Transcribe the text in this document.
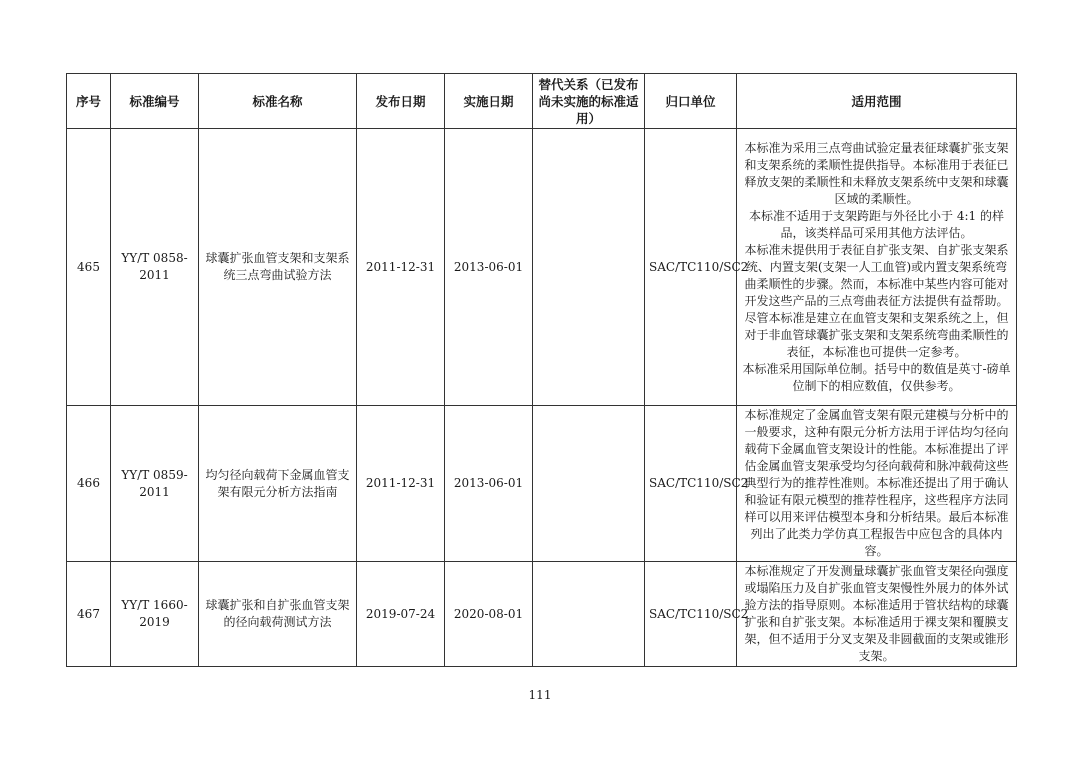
序号	标准编号	标准名称	发布日期	实施日期	替代关系（已发布尚未实施的标准适用）	归口单位	适用范围
465	YY/T 0858-2011	球囊扩张血管支架和支架系统三点弯曲试验方法	2011-12-31	2013-06-01		SAC/TC110/SC2	本标准为采用三点弯曲试验定量表征球囊扩张支架和支架系统的柔顺性提供指导。本标准用于表征已释放支架的柔顺性和未释放支架系统中支架和球囊区域的柔顺性。

本标准不适用于支架跨距与外径比小于 4:1 的样品，该类样品可采用其他方法评估。

本标准未提供用于表征自扩张支架、自扩张支架系统、内置支架(支架一人工血管)或内置支架系统弯曲柔顺性的步骤。然而，本标准中某些内容可能对开发这些产品的三点弯曲表征方法提供有益帮助。尽管本标准是建立在血管支架和支架系统之上，但对于非血管球囊扩张支架和支架系统弯曲柔顺性的表征，本标准也可提供一定参考。

本标准采用国际单位制。括号中的数值是英寸-磅单位制下的相应数值，仅供参考。

466	YY/T 0859-2011	均匀径向载荷下金属血管支架有限元分析方法指南	2011-12-31	2013-06-01		SAC/TC110/SC2	本标准规定了金属血管支架有限元建模与分析中的一般要求，这种有限元分析方法用于评估均匀径向载荷下金属血管支架设计的性能。本标准提出了评估金属血管支架承受均匀径向载荷和脉冲载荷这些典型行为的推荐性准则。本标准还提出了用于确认和验证有限元模型的推荐性程序，这些程序方法同样可以用来评估模型本身和分析结果。最后本标准列出了此类力学仿真工程报告中应包含的具体内容。

467	YY/T 1660-2019	球囊扩张和自扩张血管支架的径向载荷测试方法	2019-07-24	2020-08-01		SAC/TC110/SC2	本标准规定了开发测量球囊扩张血管支架径向强度或塌陷压力及自扩张血管支架慢性外展力的体外试验方法的指导原则。本标准适用于管状结构的球囊扩张和自扩张支架。本标准适用于裸支架和覆膜支架，但不适用于分叉支架及非圆截面的支架或锥形支架。

111
